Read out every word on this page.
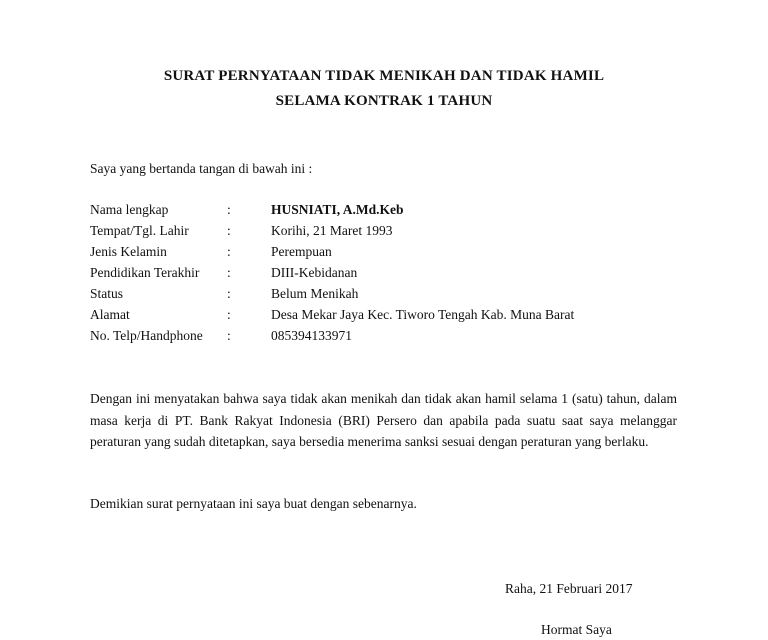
SURAT PERNYATAAN TIDAK MENIKAH DAN TIDAK HAMIL
SELAMA KONTRAK 1 TAHUN
Saya yang bertanda tangan di bawah ini :
Nama lengkap	:	HUSNIATI, A.Md.Keb
Tempat/Tgl. Lahir	:	Korihi, 21 Maret 1993
Jenis Kelamin	:	Perempuan
Pendidikan Terakhir :	DIII-Kebidanan
Status	:	Belum Menikah
Alamat	:	Desa Mekar Jaya Kec. Tiworo Tengah Kab. Muna Barat
No. Telp/Handphone :	085394133971
Dengan ini menyatakan bahwa saya tidak akan menikah dan tidak akan hamil selama 1 (satu) tahun, dalam masa kerja di PT. Bank Rakyat Indonesia (BRI) Persero dan apabila pada suatu saat saya melanggar peraturan yang sudah ditetapkan, saya bersedia menerima sanksi sesuai dengan peraturan yang berlaku.
Demikian surat pernyataan ini saya buat dengan sebenarnya.
Raha, 21 Februari 2017
Hormat Saya
